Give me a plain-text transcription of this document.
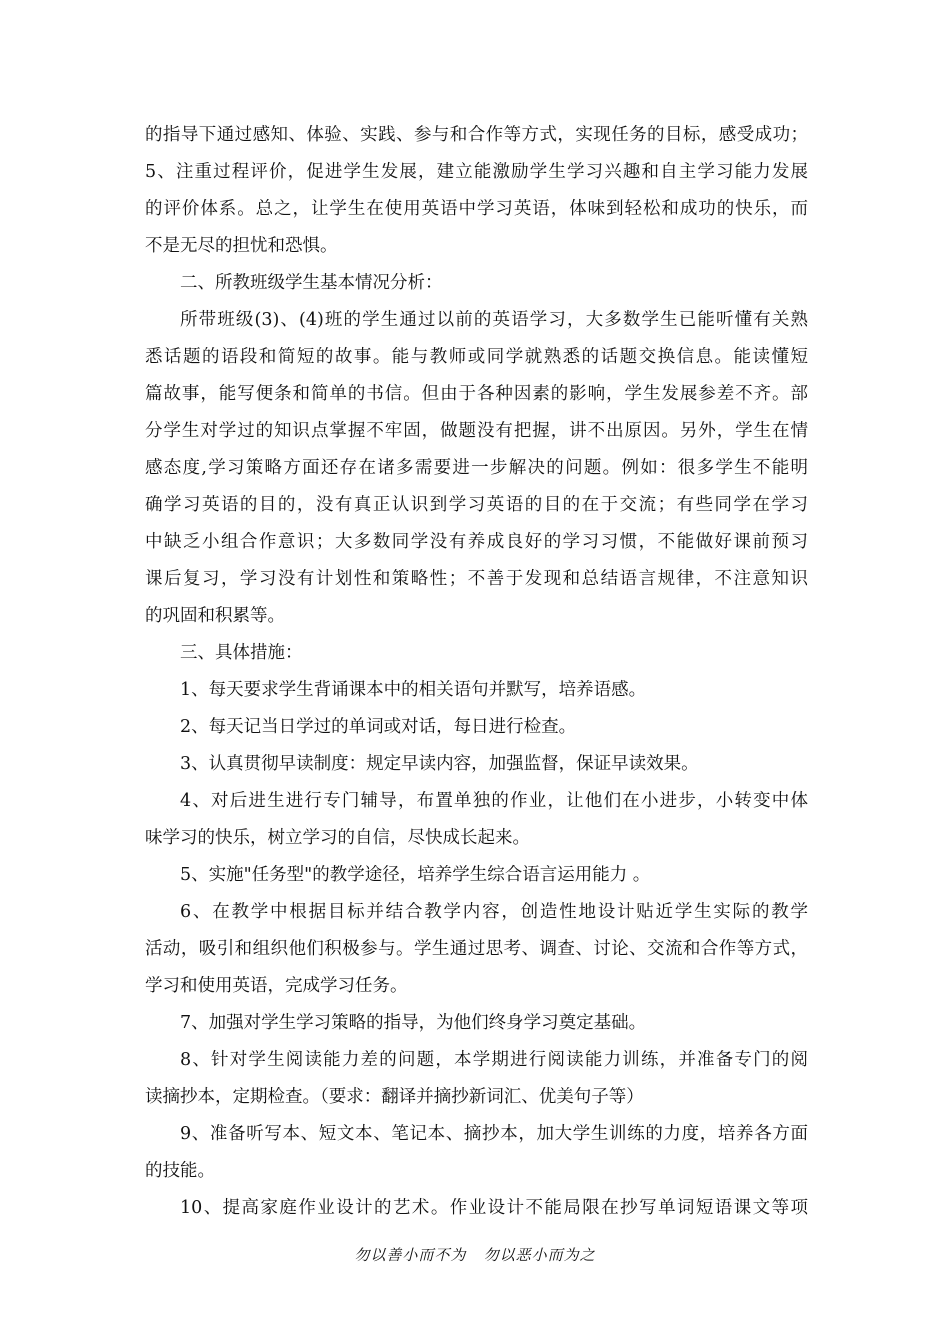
的指导下通过感知、体验、实践、参与和合作等方式，实现任务的目标，感受成功；
5、注重过程评价，促进学生发展，建立能激励学生学习兴趣和自主学习能力发展
的评价体系。总之，让学生在使用英语中学习英语，体味到轻松和成功的快乐，而
不是无尽的担忧和恐惧。
二、所教班级学生基本情况分析：
所带班级(3)、(4)班的学生通过以前的英语学习，大多数学生已能听懂有关熟
悉话题的语段和简短的故事。能与教师或同学就熟悉的话题交换信息。能读懂短
篇故事，能写便条和简单的书信。但由于各种因素的影响，学生发展参差不齐。部
分学生对学过的知识点掌握不牢固，做题没有把握，讲不出原因。另外，学生在情
感态度,学习策略方面还存在诸多需要进一步解决的问题。例如：很多学生不能明
确学习英语的目的，没有真正认识到学习英语的目的在于交流；有些同学在学习
中缺乏小组合作意识；大多数同学没有养成良好的学习习惯，不能做好课前预习
课后复习，学习没有计划性和策略性；不善于发现和总结语言规律，不注意知识
的巩固和积累等。
三、具体措施：
1、每天要求学生背诵课本中的相关语句并默写，培养语感。
2、每天记当日学过的单词或对话，每日进行检查。
3、认真贯彻早读制度：规定早读内容，加强监督，保证早读效果。
4、对后进生进行专门辅导，布置单独的作业，让他们在小进步，小转变中体
味学习的快乐，树立学习的自信，尽快成长起来。
5、实施"任务型"的教学途径，培养学生综合语言运用能力 。
6、在教学中根据目标并结合教学内容，创造性地设计贴近学生实际的教学
活动，吸引和组织他们积极参与。学生通过思考、调查、讨论、交流和合作等方式，
学习和使用英语，完成学习任务。
7、加强对学生学习策略的指导，为他们终身学习奠定基础。
8、针对学生阅读能力差的问题，本学期进行阅读能力训练，并准备专门的阅
读摘抄本，定期检查。（要求：翻译并摘抄新词汇、优美句子等）
9、准备听写本、短文本、笔记本、摘抄本，加大学生训练的力度，培养各方面
的技能。
10、提高家庭作业设计的艺术。作业设计不能局限在抄写单词短语课文等项
勿以善小而不为   勿以恶小而为之
